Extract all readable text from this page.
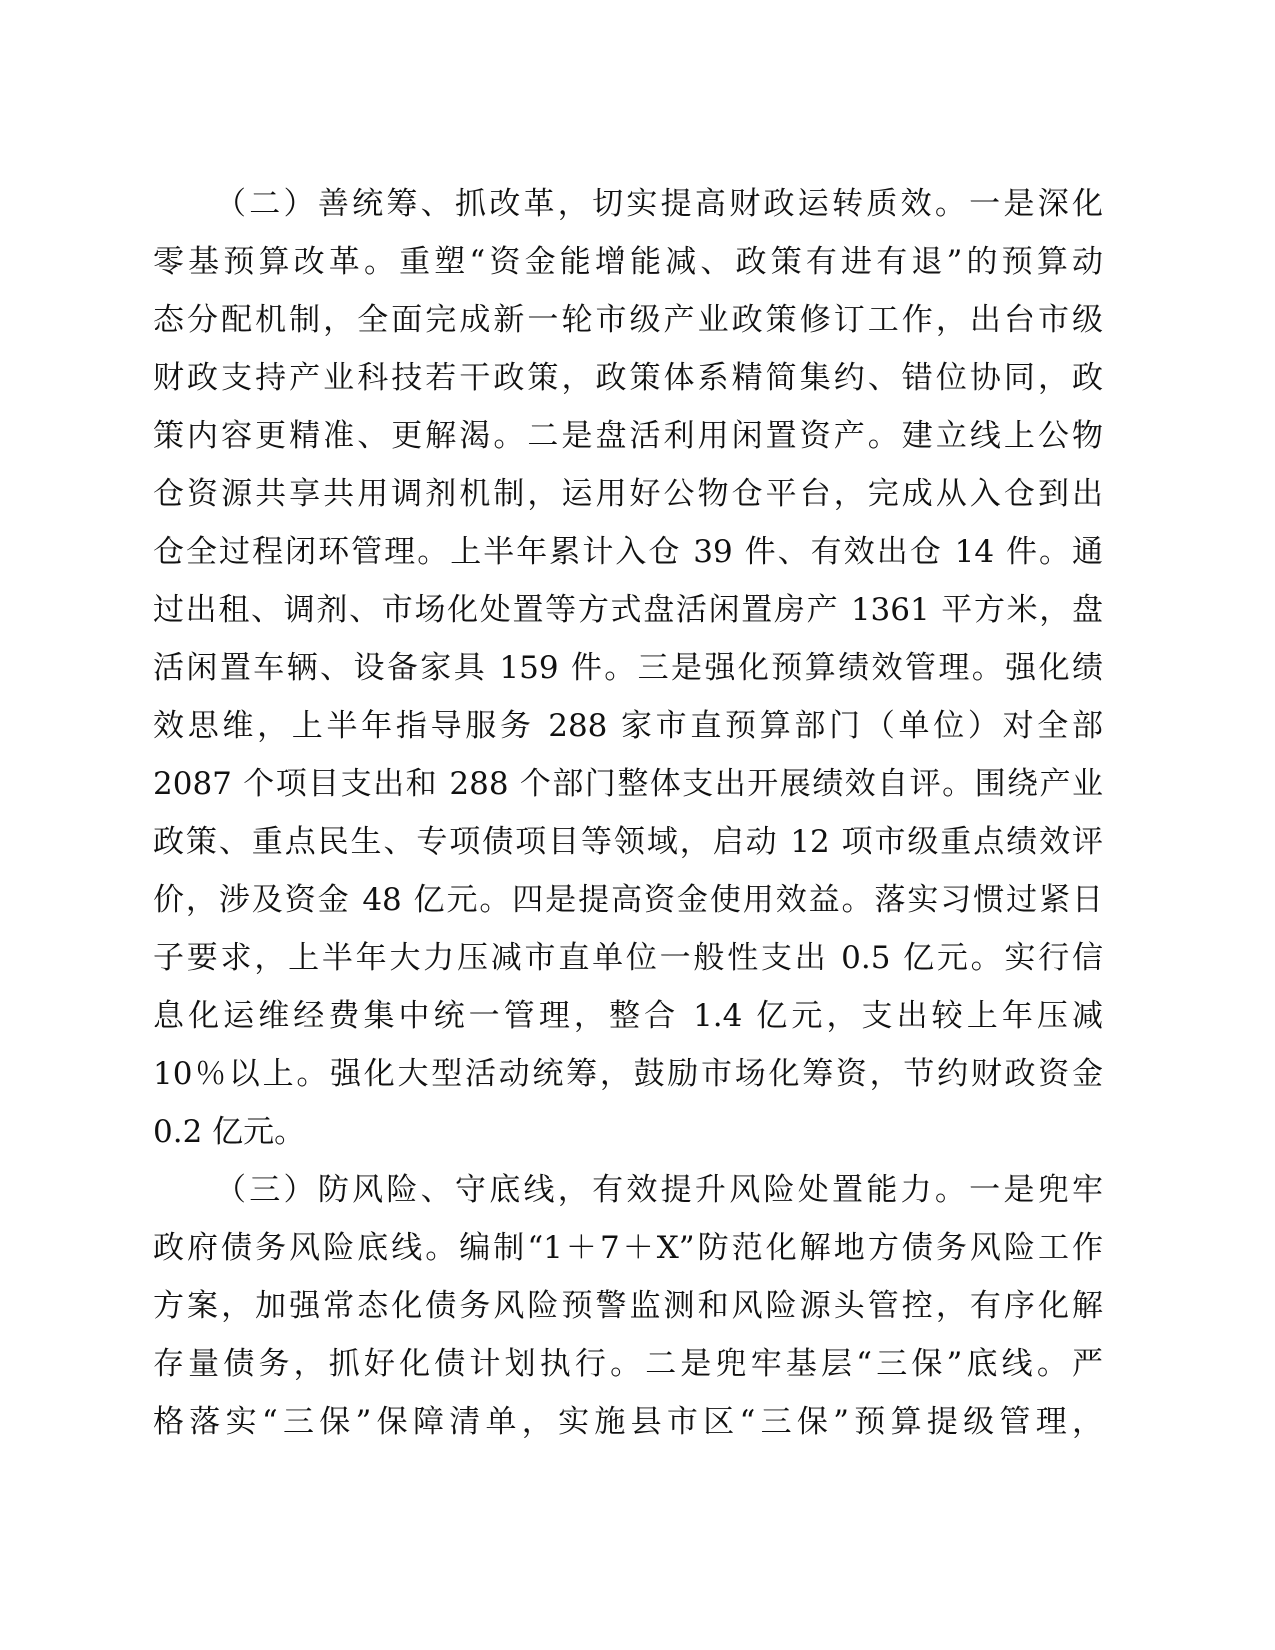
（二）善统筹、抓改革，切实提高财政运转质效。一是深化
零基预算改革。重塑“资金能增能减、政策有进有退”的预算动
态分配机制，全面完成新一轮市级产业政策修订工作，出台市级
财政支持产业科技若干政策，政策体系精简集约、错位协同，政
策内容更精准、更解渴。二是盘活利用闲置资产。建立线上公物
仓资源共享共用调剂机制，运用好公物仓平台，完成从入仓到出
仓全过程闭环管理。上半年累计入仓 39 件、有效出仓 14 件。通
过出租、调剂、市场化处置等方式盘活闲置房产 1361 平方米，盘
活闲置车辆、设备家具 159 件。三是强化预算绩效管理。强化绩
效思维，上半年指导服务 288 家市直预算部门（单位）对全部
2087 个项目支出和 288 个部门整体支出开展绩效自评。围绕产业
政策、重点民生、专项债项目等领域，启动 12 项市级重点绩效评
价，涉及资金 48 亿元。四是提高资金使用效益。落实习惯过紧日
子要求，上半年大力压减市直单位一般性支出 0.5 亿元。实行信
息化运维经费集中统一管理，整合 1.4 亿元，支出较上年压减
10％以上。强化大型活动统筹，鼓励市场化筹资，节约财政资金
0.2 亿元。
（三）防风险、守底线，有效提升风险处置能力。一是兜牢
政府债务风险底线。编制“1＋7＋X”防范化解地方债务风险工作
方案，加强常态化债务风险预警监测和风险源头管控，有序化解
存量债务，抓好化债计划执行。二是兜牢基层“三保”底线。严
格落实“三保”保障清单，实施县市区“三保”预算提级管理，
